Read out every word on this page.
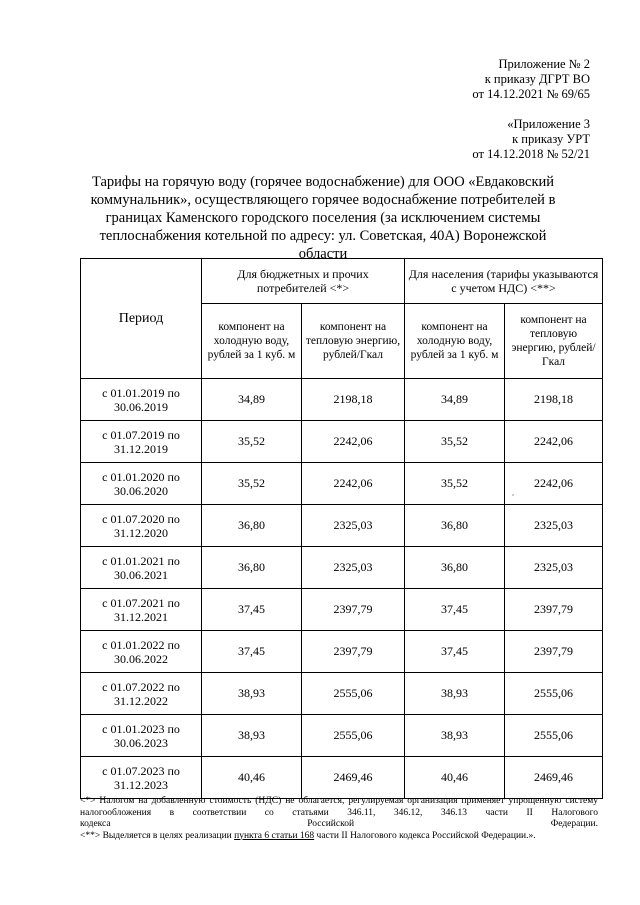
Приложение № 2
к приказу ДГРТ ВО
от 14.12.2021 № 69/65
«Приложение 3
к приказу УРТ
от 14.12.2018 № 52/21
Тарифы на горячую воду (горячее водоснабжение) для ООО «Евдаковский коммунальник», осуществляющего горячее водоснабжение потребителей в границах Каменского городского поселения (за исключением системы теплоснабжения котельной по адресу: ул. Советская, 40А) Воронежской области
Период	Для бюджетных и прочих потребителей <*>		Для населения (тарифы указываются с учетом НДС) <**>	
	компонент на холодную воду, рублей за 1 куб. м	компонент на тепловую энергию, рублей/Гкал	компонент на холодную воду, рублей за 1 куб. м	компонент на тепловую энергию, рублей/Гкал
с 01.01.2019 по 30.06.2019	34,89	2198,18	34,89	2198,18
с 01.07.2019 по 31.12.2019	35,52	2242,06	35,52	2242,06
с 01.01.2020 по 30.06.2020	35,52	2242,06	35,52	2242,06
с 01.07.2020 по 31.12.2020	36,80	2325,03	36,80	2325,03
с 01.01.2021 по 30.06.2021	36,80	2325,03	36,80	2325,03
с 01.07.2021 по 31.12.2021	37,45	2397,79	37,45	2397,79
с 01.01.2022 по 30.06.2022	37,45	2397,79	37,45	2397,79
с 01.07.2022 по 31.12.2022	38,93	2555,06	38,93	2555,06
с 01.01.2023 по 30.06.2023	38,93	2555,06	38,93	2555,06
с 01.07.2023 по 31.12.2023	40,46	2469,46	40,46	2469,46
<*> Налогом на добавленную стоимость (НДС) не облагается, регулируемая организация применяет упрощенную систему налогообложения в соответствии со статьями 346.11, 346.12, 346.13 части II Налогового
кодекса	Российской	Федерации.
<**> Выделяется в целях реализации пункта 6 статьи 168 части II Налогового кодекса Российской Федерации.».
